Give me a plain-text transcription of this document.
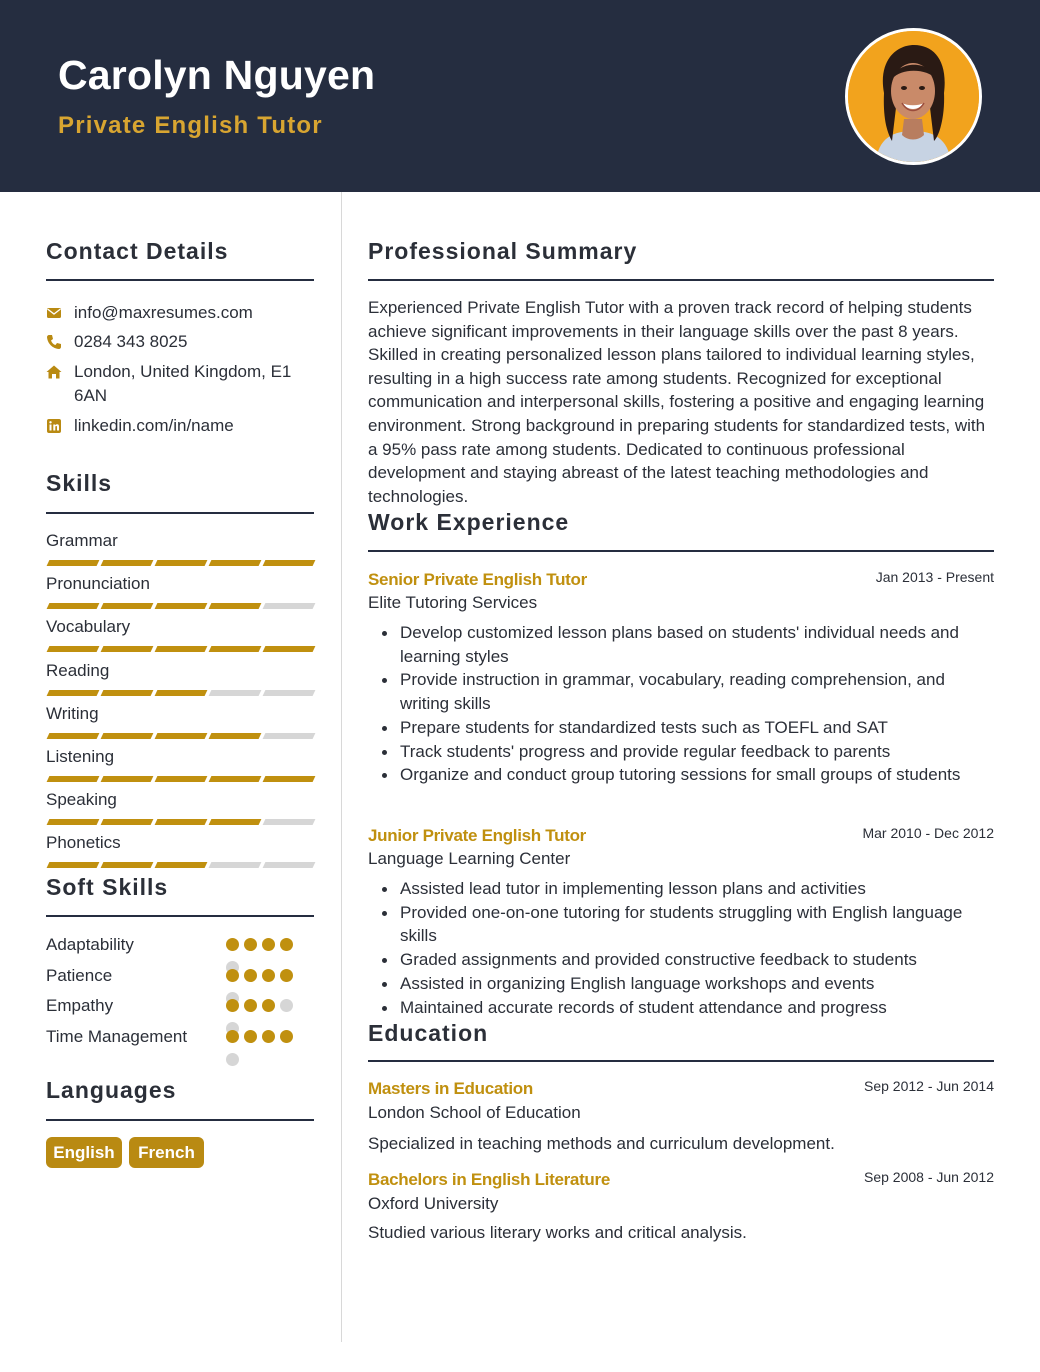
Carolyn Nguyen
Private English Tutor
Contact Details
info@maxresumes.com
0284 343 8025
London, United Kingdom, E1 6AN
linkedin.com/in/name
Skills
Grammar
Pronunciation
Vocabulary
Reading
Writing
Listening
Speaking
Phonetics
Soft Skills
Adaptability
Patience
Empathy
Time Management
Languages
English	French
Professional Summary
Experienced Private English Tutor with a proven track record of helping students achieve significant improvements in their language skills over the past 8 years. Skilled in creating personalized lesson plans tailored to individual learning styles, resulting in a high success rate among students. Recognized for exceptional communication and interpersonal skills, fostering a positive and engaging learning environment. Strong background in preparing students for standardized tests, with a 95% pass rate among students. Dedicated to continuous professional development and staying abreast of the latest teaching methodologies and technologies.
Work Experience
Senior Private English Tutor	Jan 2013 - Present
Elite Tutoring Services
Develop customized lesson plans based on students' individual needs and learning styles
Provide instruction in grammar, vocabulary, reading comprehension, and writing skills
Prepare students for standardized tests such as TOEFL and SAT
Track students' progress and provide regular feedback to parents
Organize and conduct group tutoring sessions for small groups of students
Junior Private English Tutor	Mar 2010 - Dec 2012
Language Learning Center
Assisted lead tutor in implementing lesson plans and activities
Provided one-on-one tutoring for students struggling with English language skills
Graded assignments and provided constructive feedback to students
Assisted in organizing English language workshops and events
Maintained accurate records of student attendance and progress
Education
Masters in Education	Sep 2012 - Jun 2014
London School of Education
Specialized in teaching methods and curriculum development.
Bachelors in English Literature	Sep 2008 - Jun 2012
Oxford University
Studied various literary works and critical analysis.
